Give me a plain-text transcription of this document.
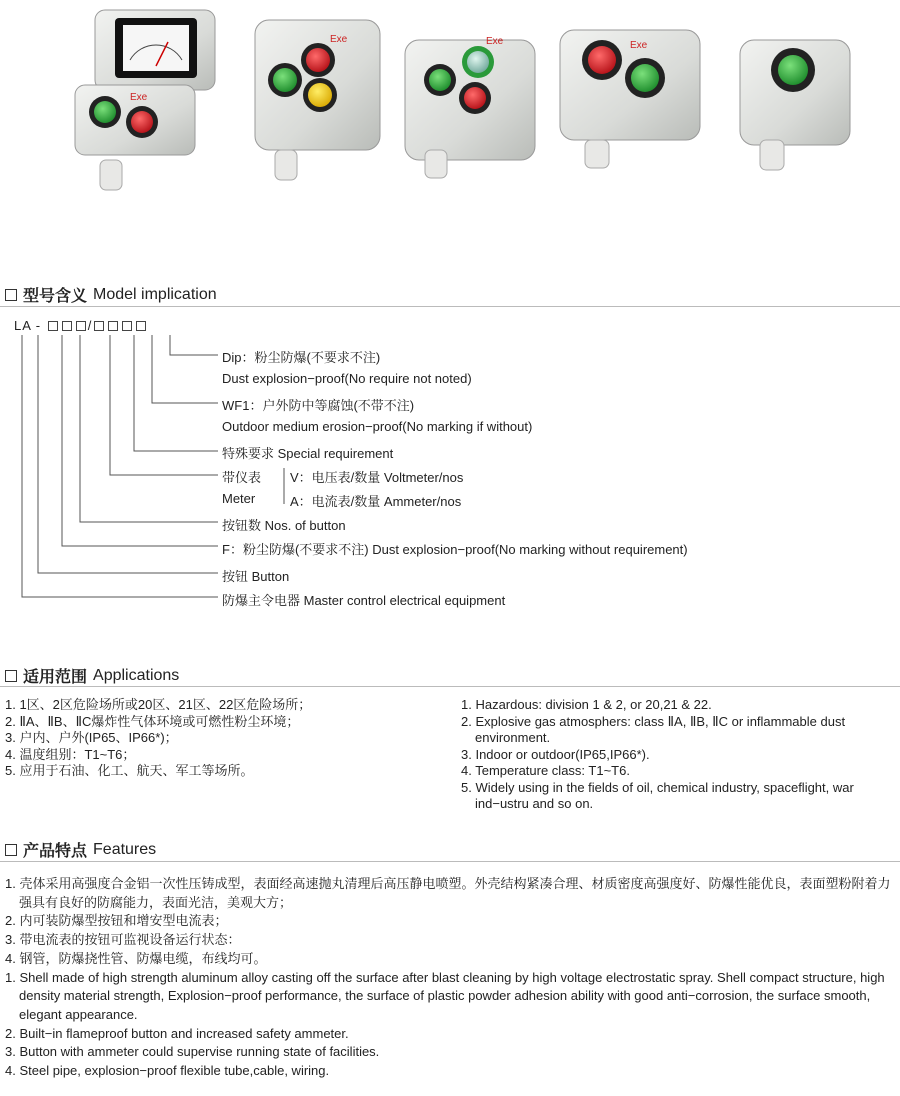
Exe
Exe	Exe	Exe
型号含义 Model implication
LA -	/
Dip：粉尘防爆(不要求不注)
Dust explosion−proof(No require not noted)
WF1：户外防中等腐蚀(不带不注)
Outdoor medium erosion−proof(No marking if without)
特殊要求 Special requirement
带仪表 V：电压表/数量 Voltmeter/nos
Meter	A：电流表/数量 Ammeter/nos
按钮数 Nos. of button
F：粉尘防爆(不要求不注) Dust explosion−proof(No marking without requirement)
按钮 Button
防爆主令电器 Master control electrical equipment
适用范围 Applications
1. 1区、2区危险场所或20区、21区、22区危险场所；
2. ⅡA、ⅡB、ⅡC爆炸性气体环境或可燃性粉尘环境；
3. 户内、户外(IP65、IP66*)；
4. 温度组别：T1~T6；
5. 应用于石油、化工、航天、军工等场所。
1. Hazardous: division 1 & 2, or 20,21 & 22.
2. Explosive gas atmosphers: class ⅡA, ⅡB, ⅡC or inflammable dust environment.
3. Indoor or outdoor(IP65,IP66*).
4. Temperature class: T1~T6.
5. Widely using in the fields of oil, chemical industry, spaceflight, war ind−ustru and so on.
产品特点 Features
1. 壳体采用高强度合金铝一次性压铸成型，表面经高速抛丸清理后高压静电喷塑。外壳结构紧凑合理、材质密度高强度好、防爆性能优良，表面塑粉附着力强具有良好的防腐能力，表面光洁，美观大方；
2. 内可装防爆型按钮和增安型电流表；
3. 带电流表的按钮可监视设备运行状态：
4. 钢管，防爆挠性管、防爆电缆，布线均可。
1. Shell made of high strength aluminum alloy casting off the surface after blast cleaning by high voltage electrostatic spray. Shell compact structure, high density material strength, Explosion−proof performance, the surface of plastic powder adhesion ability with good anti−corrosion, the surface smooth, elegant appearance.
2. Built−in flameproof button and increased safety ammeter.
3. Button with ammeter could supervise running state of facilities.
4. Steel pipe, explosion−proof flexible tube,cable, wiring.
